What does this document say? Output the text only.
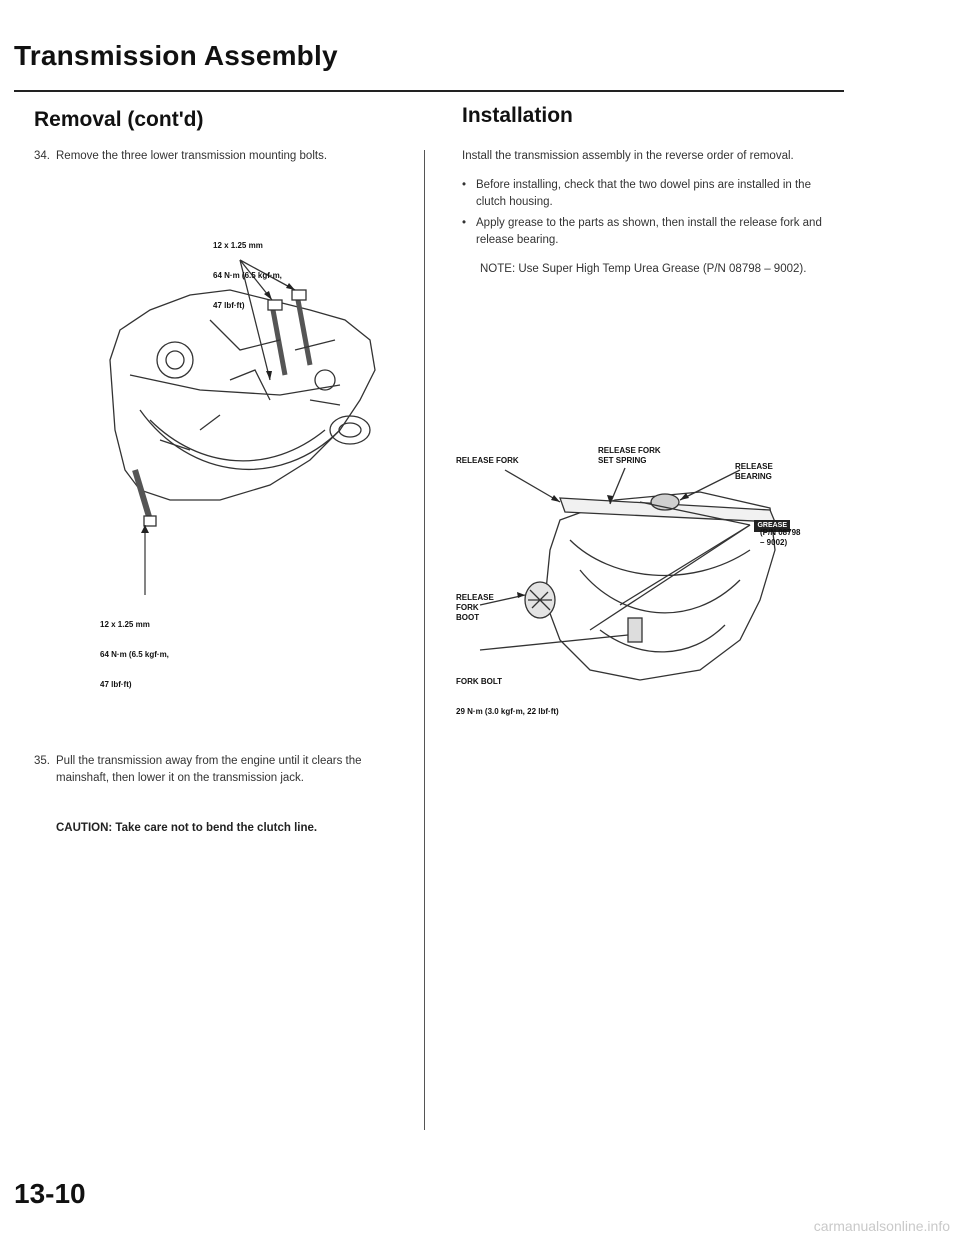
Transmission Assembly
Removal (cont'd)
34. Remove the three lower transmission mounting bolts.

12 x 1.25 mm

64 N·m (6.5 kgf·m,

47 lbf·ft)

12 x 1.25 mm

64 N·m (6.5 kgf·m,

47 lbf·ft)

35. Pull the transmission away from the engine until it clears the mainshaft, then lower it on the transmission jack.
CAUTION: Take care not to bend the clutch line.
Installation
Install the transmission assembly in the reverse order of removal.
• Before installing, check that the two dowel pins are installed in the clutch housing.
• Apply grease to the parts as shown, then install the release fork and release bearing.
NOTE: Use Super High Temp Urea Grease (P/N 08798 – 9002).
RELEASE FORK
RELEASE FORK
SET SPRING
RELEASE
BEARING

GREASE

(P/N 08798
– 9002)
RELEASE
FORK
BOOT

FORK BOLT

29 N·m (3.0 kgf·m, 22 lbf·ft)

13-10
carmanualsonline.info
